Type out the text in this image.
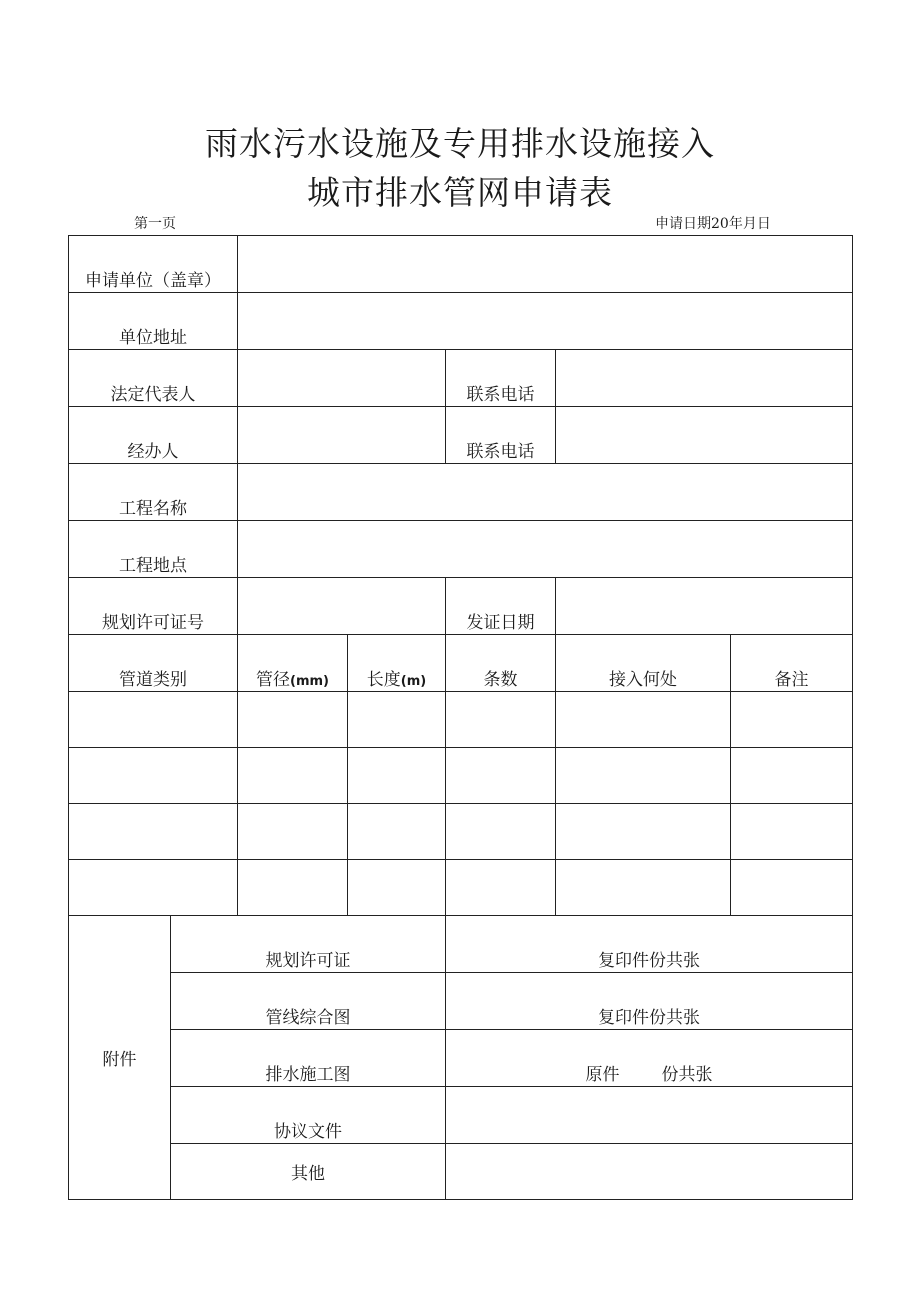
雨水污水设施及专用排水设施接入
城市排水管网申请表
第一页	申请日期20年月日
申请单位（盖章）						
单位地址						
法定代表人				联系电话		
经办人				联系电话		
工程名称						
工程地点						
规划许可证号				发证日期		
管道类别		管径(mm)	长度(m)	条数	接入何处	备注

附件	规划许可证			复印件份共张		
	管线综合图			复印件份共张		
	排水施工图			原件 份共张		
	协议文件					
	其他					
